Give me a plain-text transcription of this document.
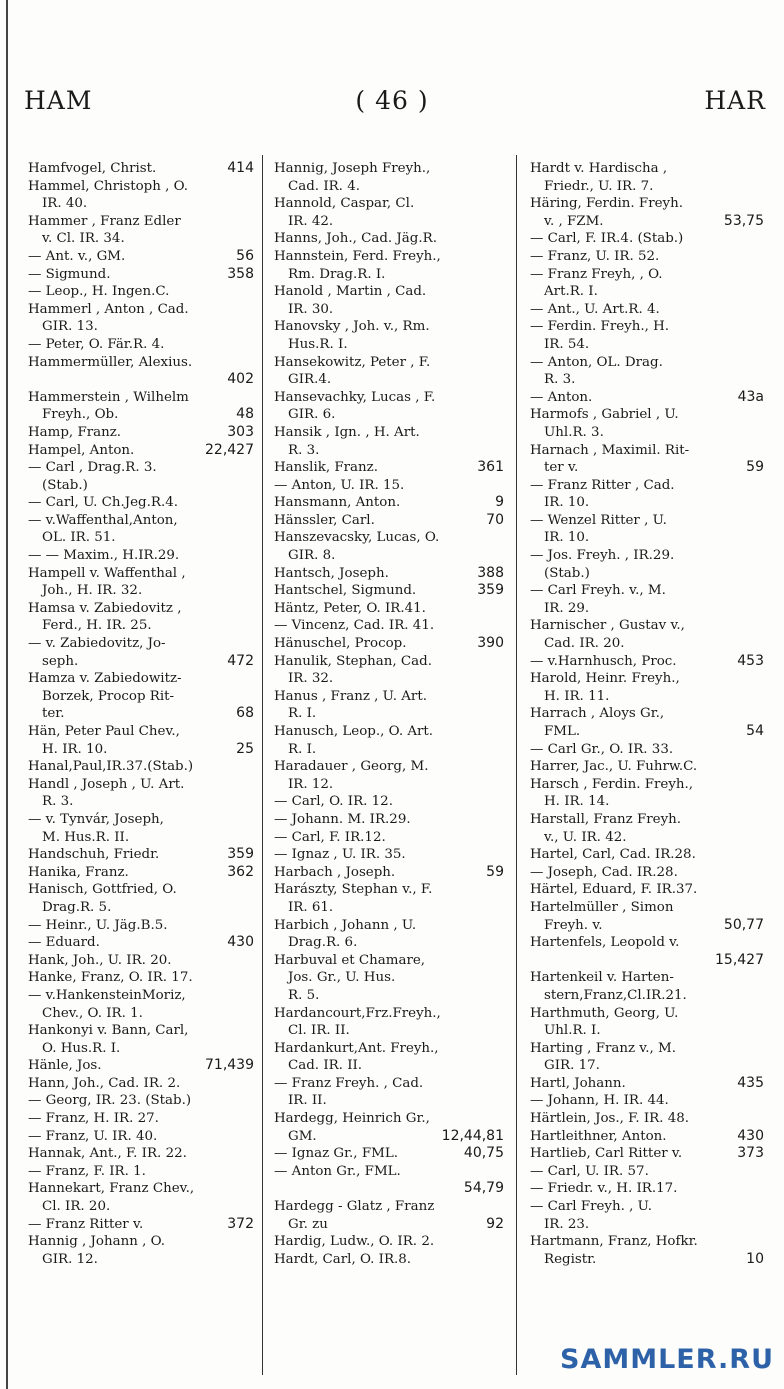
HAM	( 46 )	HAR
Hamfvogel, Christ.	414
Hammel, Christoph , O.
IR. 40.
Hammer , Franz Edler
v. Cl. IR. 34.
— Ant. v., GM.	56
— Sigmund.	358
— Leop., H. Ingen.C.
Hammerl , Anton , Cad.
GIR. 13.
— Peter, O. Fär.R. 4.
Hammermüller, Alexius.
402
Hammerstein , Wilhelm
Freyh., Ob.	48
Hamp, Franz.	303
Hampel, Anton.	22,427
— Carl , Drag.R. 3.
(Stab.)
— Carl, U. Ch.Jeg.R.4.
— v.Waffenthal,Anton,
OL. IR. 51.
— — Maxim., H.IR.29.
Hampell v. Waffenthal ,
Joh., H. IR. 32.
Hamsa v. Zabiedovitz ,
Ferd., H. IR. 25.
— v. Zabiedovitz, Jo-
seph.	472
Hamza v. Zabiedowitz-
Borzek, Procop Rit-
ter.	68
Hän, Peter Paul Chev.,
H. IR. 10.	25
Hanal,Paul,IR.37.(Stab.)
Handl , Joseph , U. Art.
R. 3.
— v. Tynvár, Joseph,
M. Hus.R. II.
Handschuh, Friedr.	359
Hanika, Franz.	362
Hanisch, Gottfried, O.
Drag.R. 5.
— Heinr., U. Jäg.B.5.
— Eduard.	430
Hank, Joh., U. IR. 20.
Hanke, Franz, O. IR. 17.
— v.HankensteinMoriz,
Chev., O. IR. 1.
Hankonyi v. Bann, Carl,
O. Hus.R. I.
Hänle, Jos.	71,439
Hann, Joh., Cad. IR. 2.
— Georg, IR. 23. (Stab.)
— Franz, H. IR. 27.
— Franz, U. IR. 40.
Hannak, Ant., F. IR. 22.
— Franz, F. IR. 1.
Hannekart, Franz Chev.,
Cl. IR. 20.
— Franz Ritter v.	372
Hannig , Johann , O.
GIR. 12.
Hannig, Joseph Freyh.,
Cad. IR. 4.
Hannold, Caspar, Cl.
IR. 42.
Hanns, Joh., Cad. Jäg.R.
Hannstein, Ferd. Freyh.,
Rm. Drag.R. I.
Hanold , Martin , Cad.
IR. 30.
Hanovsky , Joh. v., Rm.
Hus.R. I.
Hansekowitz, Peter , F.
GIR.4.
Hansevachky, Lucas , F.
GIR. 6.
Hansik , Ign. , H. Art.
R. 3.
Hanslik, Franz.	361
— Anton, U. IR. 15.
Hansmann, Anton.	9
Hänssler, Carl.	70
Hanszevacsky, Lucas, O.
GIR. 8.
Hantsch, Joseph.	388
Hantschel, Sigmund.	359
Häntz, Peter, O. IR.41.
— Vincenz, Cad. IR. 41.
Hänuschel, Procop.	390
Hanulik, Stephan, Cad.
IR. 32.
Hanus , Franz , U. Art.
R. I.
Hanusch, Leop., O. Art.
R. I.
Haradauer , Georg, M.
IR. 12.
— Carl, O. IR. 12.
— Johann. M. IR.29.
— Carl, F. IR.12.
— Ignaz , U. IR. 35.
Harbach , Joseph.	59
Harászty, Stephan v., F.
IR. 61.
Harbich , Johann , U.
Drag.R. 6.
Harbuval et Chamare,
Jos. Gr., U. Hus.
R. 5.
Hardancourt,Frz.Freyh.,
Cl. IR. II.
Hardankurt,Ant. Freyh.,
Cad. IR. II.
— Franz Freyh. , Cad.
IR. II.
Hardegg, Heinrich Gr.,
GM.	12,44,81
— Ignaz Gr., FML.	40,75
— Anton Gr., FML.
54,79
Hardegg - Glatz , Franz
Gr. zu	92
Hardig, Ludw., O. IR. 2.
Hardt, Carl, O. IR.8.
Hardt v. Hardischa ,
Friedr., U. IR. 7.
Häring, Ferdin. Freyh.
v. , FZM.	53,75
— Carl, F. IR.4. (Stab.)
— Franz, U. IR. 52.
— Franz Freyh, , O.
Art.R. I.
— Ant., U. Art.R. 4.
— Ferdin. Freyh., H.
IR. 54.
— Anton, OL. Drag.
R. 3.
— Anton.	43a
Harmofs , Gabriel , U.
Uhl.R. 3.
Harnach , Maximil. Rit-
ter v.	59
— Franz Ritter , Cad.
IR. 10.
— Wenzel Ritter , U.
IR. 10.
— Jos. Freyh. , IR.29.
(Stab.)
— Carl Freyh. v., M.
IR. 29.
Harnischer , Gustav v.,
Cad. IR. 20.
— v.Harnhusch, Proc.	453
Harold, Heinr. Freyh.,
H. IR. 11.
Harrach , Aloys Gr.,
FML.	54
— Carl Gr., O. IR. 33.
Harrer, Jac., U. Fuhrw.C.
Harsch , Ferdin. Freyh.,
H. IR. 14.
Harstall, Franz Freyh.
v., U. IR. 42.
Hartel, Carl, Cad. IR.28.
— Joseph, Cad. IR.28.
Härtel, Eduard, F. IR.37.
Hartelmüller , Simon
Freyh. v.	50,77
Hartenfels, Leopold v.
15,427
Hartenkeil v. Harten-
stern,Franz,Cl.IR.21.
Harthmuth, Georg, U.
Uhl.R. I.
Harting , Franz v., M.
GIR. 17.
Hartl, Johann.	435
— Johann, H. IR. 44.
Härtlein, Jos., F. IR. 48.
Hartleithner, Anton.	430
Hartlieb, Carl Ritter v.	373
— Carl, U. IR. 57.
— Friedr. v., H. IR.17.
— Carl Freyh. , U.
IR. 23.
Hartmann, Franz, Hofkr.
Registr.	10
SAMMLER.RU
